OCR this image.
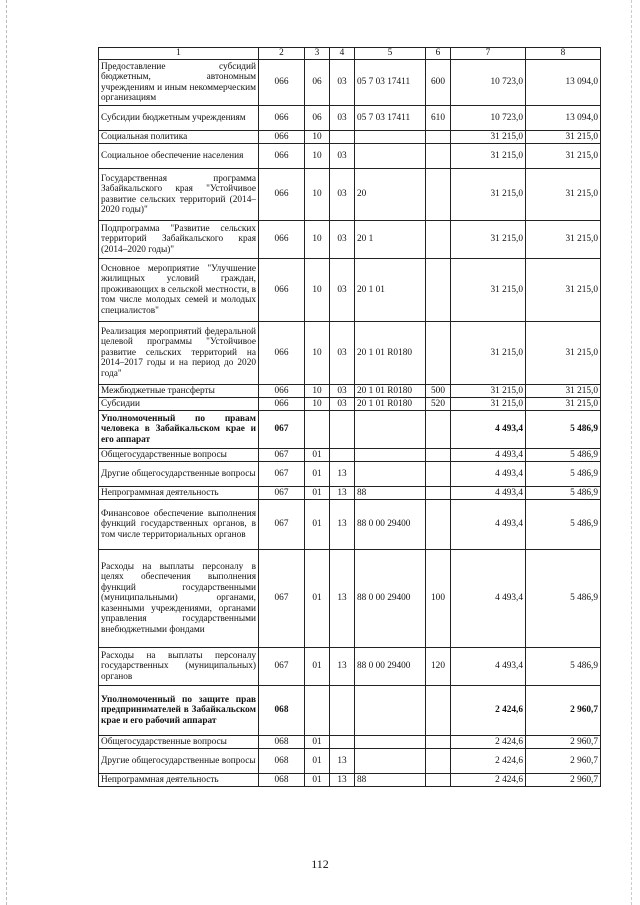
1	2	3	4	5	6	7	8
Предоставление субсидий бюджетным, автономным учреждениям и иным некоммерческим организациям	066	06	03	05 7 03 17411	600	10 723,0	13 094,0
Субсидии бюджетным учреждениям	066	06	03	05 7 03 17411	610	10 723,0	13 094,0
Социальная политика	066	10				31 215,0	31 215,0
Социальное обеспечение населения	066	10	03			31 215,0	31 215,0
Государственная программа Забайкальского края "Устойчивое развитие сельских территорий (2014–2020 годы)"	066	10	03	20		31 215,0	31 215,0
Подпрограмма "Развитие сельских территорий Забайкальского края (2014–2020 годы)"	066	10	03	20 1		31 215,0	31 215,0
Основное мероприятие "Улучшение жилищных условий граждан, проживающих в сельской местности, в том числе молодых семей и молодых специалистов"	066	10	03	20 1 01		31 215,0	31 215,0
Реализация мероприятий федеральной целевой программы "Устойчивое развитие сельских территорий на 2014–2017 годы и на период до 2020 года"	066	10	03	20 1 01 R0180		31 215,0	31 215,0
Межбюджетные трансферты	066	10	03	20 1 01 R0180	500	31 215,0	31 215,0
Субсидии	066	10	03	20 1 01 R0180	520	31 215,0	31 215,0
Уполномоченный по правам человека в Забайкальском крае и его аппарат	067					4 493,4	5 486,9
Общегосударственные вопросы	067	01				4 493,4	5 486,9
Другие общегосударственные вопросы	067	01	13			4 493,4	5 486,9
Непрограммная деятельность	067	01	13	88		4 493,4	5 486,9
Финансовое обеспечение выполнения функций государственных органов, в том числе территориальных органов	067	01	13	88 0 00 29400		4 493,4	5 486,9
Расходы на выплаты персоналу в целях обеспечения выполнения функций государственными (муниципальными) органами, казенными учреждениями, органами управления государственными внебюджетными фондами	067	01	13	88 0 00 29400	100	4 493,4	5 486,9
Расходы на выплаты персоналу государственных (муниципальных) органов	067	01	13	88 0 00 29400	120	4 493,4	5 486,9
Уполномоченный по защите прав предпринимателей в Забайкальском крае и его рабочий аппарат	068					2 424,6	2 960,7
Общегосударственные вопросы	068	01				2 424,6	2 960,7
Другие общегосударственные вопросы	068	01	13			2 424,6	2 960,7
Непрограммная деятельность	068	01	13	88		2 424,6	2 960,7
112
